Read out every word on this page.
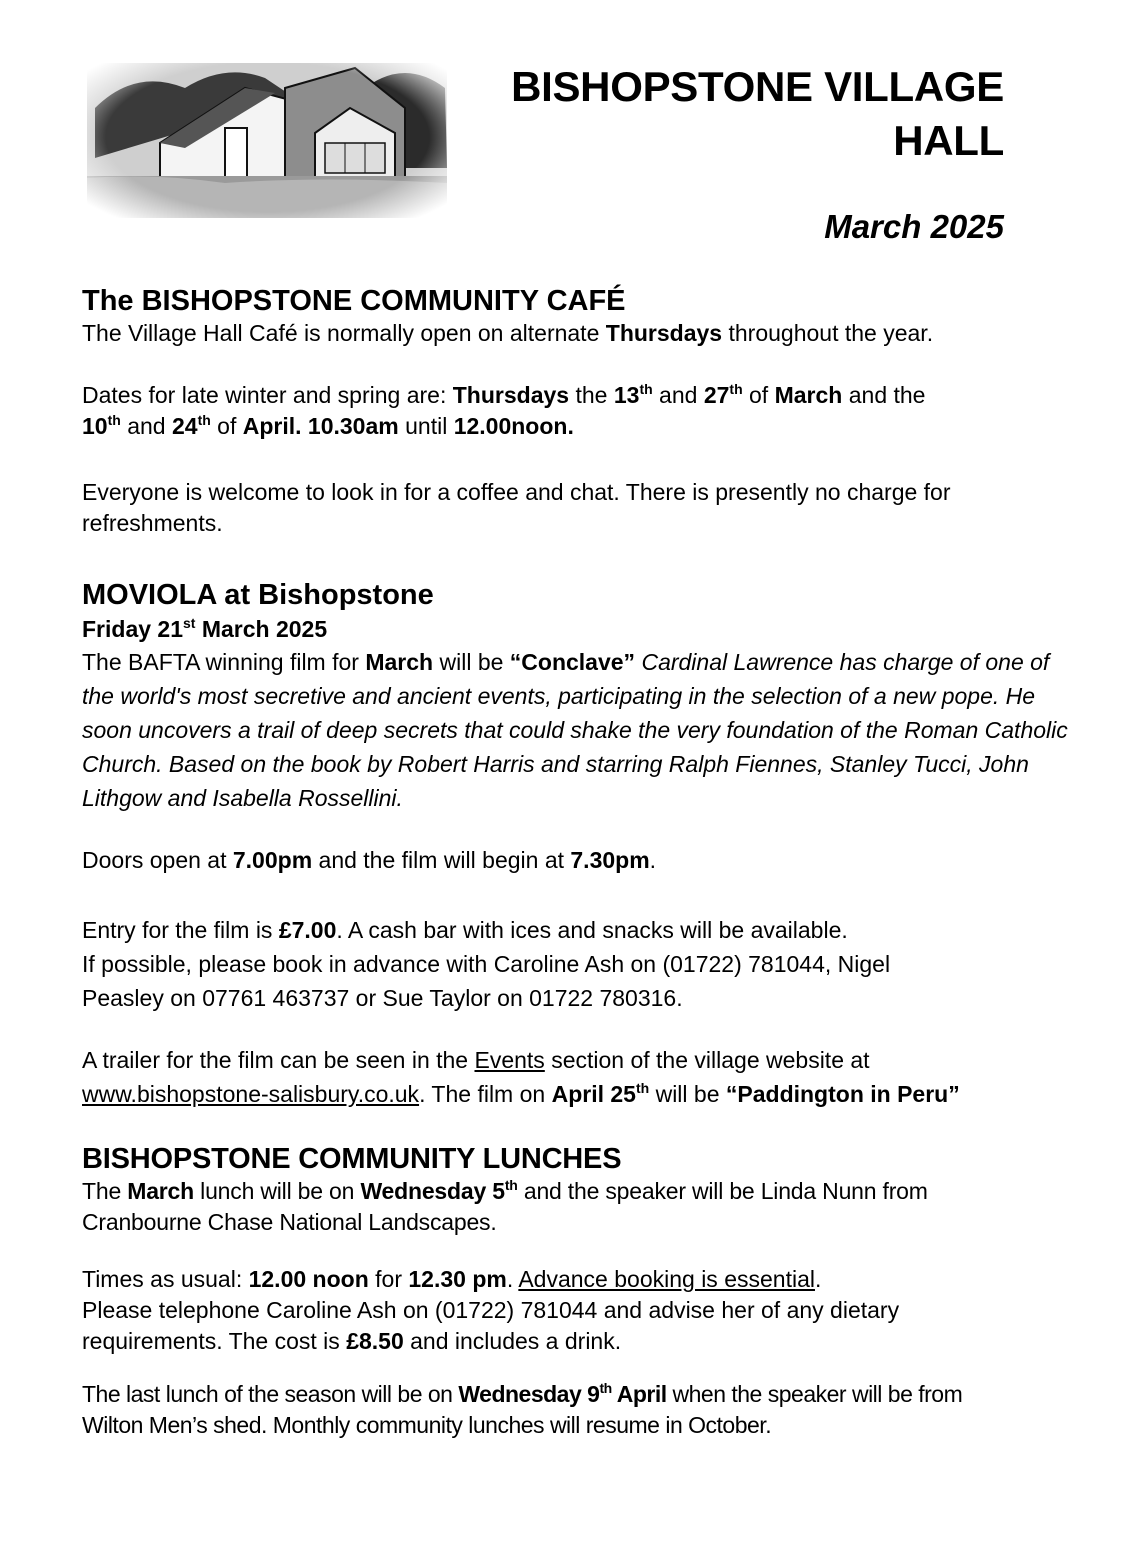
BISHOPSTONE VILLAGE
HALL
March 2025
The BISHOPSTONE COMMUNITY CAFÉ

The Village Hall Café is normally open on alternate Thursdays throughout the year.

Dates for late winter and spring are: Thursdays the 13th and 27th of March and the
10th and 24th of April. 10.30am until 12.00noon.

Everyone is welcome to look in for a coffee and chat. There is presently no charge for refreshments.

MOVIOLA at Bishopstone

Friday 21st March 2025

The BAFTA winning film for March will be “Conclave” Cardinal Lawrence has charge of one of the world's most secretive and ancient events, participating in the selection of a new pope. He soon uncovers a trail of deep secrets that could shake the very foundation of the Roman Catholic Church. Based on the book by Robert Harris and starring Ralph Fiennes, Stanley Tucci, John Lithgow and Isabella Rossellini.

Doors open at 7.00pm and the film will begin at 7.30pm.

Entry for the film is £7.00. A cash bar with ices and snacks will be available.

If possible, please book in advance with Caroline Ash on (01722) 781044, Nigel

Peasley on 07761 463737 or Sue Taylor on 01722 780316.

A trailer for the film can be seen in the Events section of the village website at

www.bishopstone-salisbury.co.uk. The film on April 25th will be “Paddington in Peru”

BISHOPSTONE COMMUNITY LUNCHES

The March lunch will be on Wednesday 5th and the speaker will be Linda Nunn from

Cranbourne Chase National Landscapes.

Times as usual: 12.00 noon for 12.30 pm. Advance booking is essential.

Please telephone Caroline Ash on (01722) 781044 and advise her of any dietary

requirements. The cost is £8.50 and includes a drink.

The last lunch of the season will be on Wednesday 9th April when the speaker will be from

Wilton Men’s shed. Monthly community lunches will resume in October.
